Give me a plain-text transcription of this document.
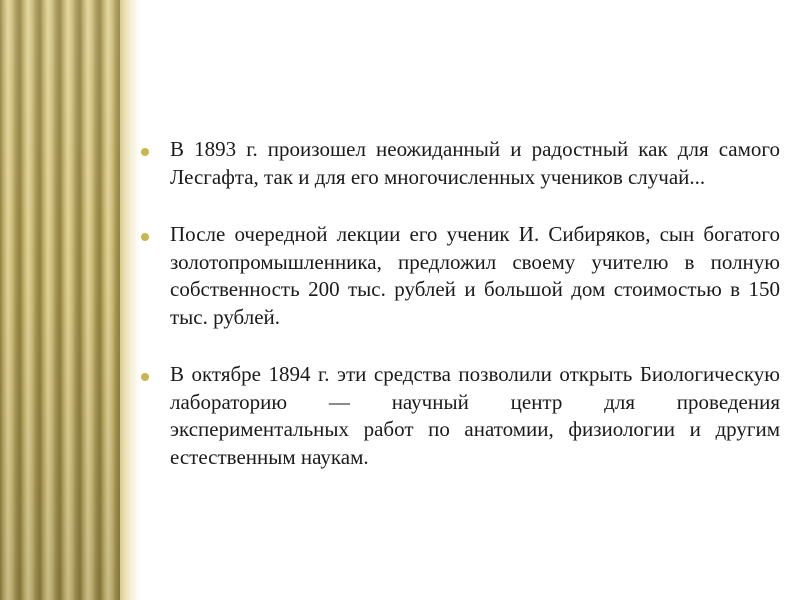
В 1893 г. произошел неожиданный и радостный как для самого Лесгафта, так и для его многочисленных учеников случай...
После очередной лекции его ученик И. Сибиряков, сын богатого золотопромышленника, предложил своему учителю в полную собственность 200 тыс. рублей и большой дом стоимостью в 150 тыс. рублей.
В октябре 1894 г. эти средства позволили открыть Биологическую лабораторию — научный центр для проведения экспериментальных работ по анатомии, физиологии и другим естественным наукам.
